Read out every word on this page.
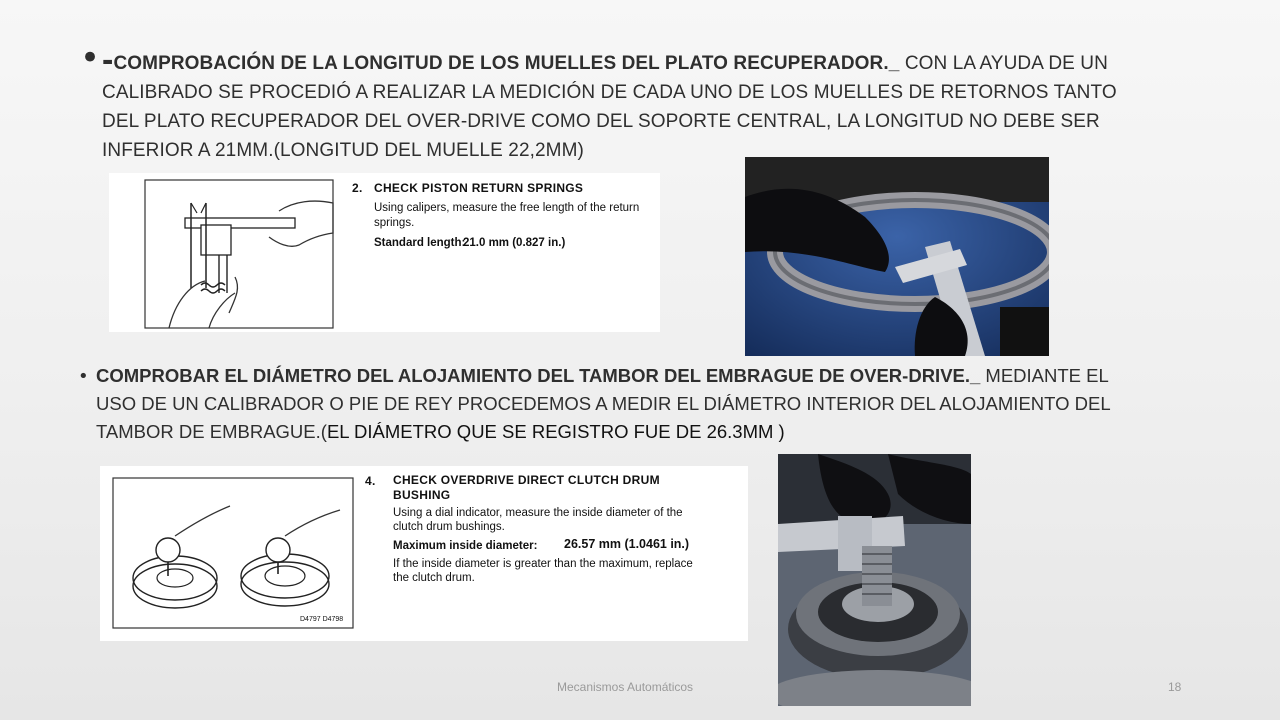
• -COMPROBACIÓN DE LA LONGITUD DE LOS MUELLES DEL PLATO RECUPERADOR._ CON LA AYUDA DE UN CALIBRADO SE PROCEDIÓ A REALIZAR LA MEDICIÓN DE CADA UNO DE LOS MUELLES DE RETORNOS TANTO DEL PLATO RECUPERADOR DEL OVER-DRIVE COMO DEL SOPORTE CENTRAL, LA LONGITUD NO DEBE SER INFERIOR A 21MM.(LONGITUD DEL MUELLE 22,2MM)
2. CHECK PISTON RETURN SPRINGS
Using calipers, measure the free length of the return
springs.
Standard length:
21.0 mm (0.827 in.)
• COMPROBAR EL DIÁMETRO DEL ALOJAMIENTO DEL TAMBOR DEL EMBRAGUE DE OVER-DRIVE._ MEDIANTE EL USO DE UN CALIBRADOR O PIE DE REY PROCEDEMOS A MEDIR EL DIÁMETRO INTERIOR DEL ALOJAMIENTO DEL TAMBOR DE EMBRAGUE.(EL DIÁMETRO QUE SE REGISTRO FUE DE 26.3MM )
D4797 D4798
4. CHECK OVERDRIVE DIRECT CLUTCH DRUM
BUSHING
Using a dial indicator, measure the inside diameter of the
clutch drum bushings.
Maximum inside diameter: 26.57 mm (1.0461 in.)
If the inside diameter is greater than the maximum, replace
the clutch drum.
Mecanismos Automáticos	18
